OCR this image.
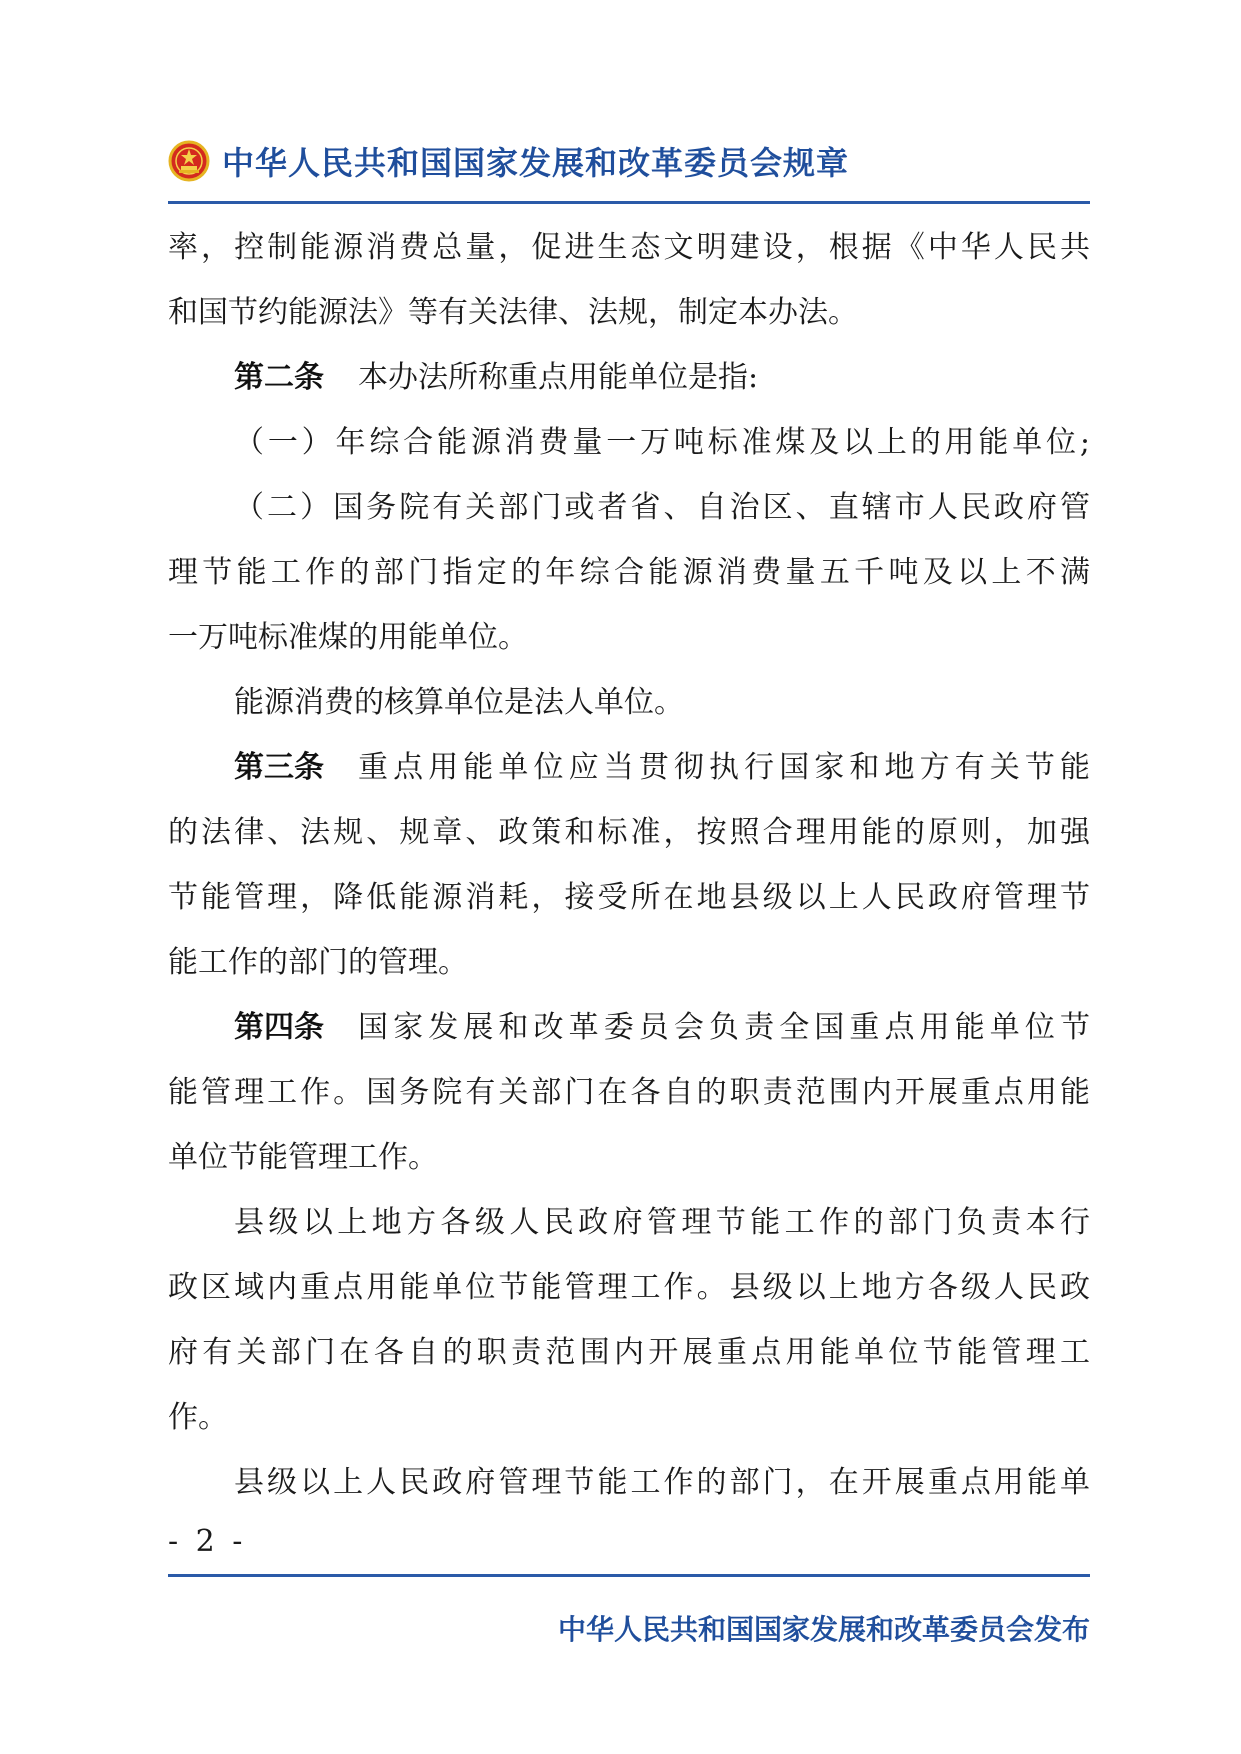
中华人民共和国国家发展和改革委员会规章
率，控制能源消费总量，促进生态文明建设，根据《中华人民共
和国节约能源法》等有关法律、法规，制定本办法。
第二条 本办法所称重点用能单位是指:
（一）年综合能源消费量一万吨标准煤及以上的用能单位;
（二）国务院有关部门或者省、自治区、直辖市人民政府管
理节能工作的部门指定的年综合能源消费量五千吨及以上不满
一万吨标准煤的用能单位。
能源消费的核算单位是法人单位。
第三条 重点用能单位应当贯彻执行国家和地方有关节能
的法律、法规、规章、政策和标准，按照合理用能的原则，加强
节能管理，降低能源消耗，接受所在地县级以上人民政府管理节
能工作的部门的管理。
第四条 国家发展和改革委员会负责全国重点用能单位节
能管理工作。国务院有关部门在各自的职责范围内开展重点用能
单位节能管理工作。
县级以上地方各级人民政府管理节能工作的部门负责本行
政区域内重点用能单位节能管理工作。县级以上地方各级人民政
府有关部门在各自的职责范围内开展重点用能单位节能管理工
作。
县级以上人民政府管理节能工作的部门，在开展重点用能单
- 2 -
中华人民共和国国家发展和改革委员会发布
